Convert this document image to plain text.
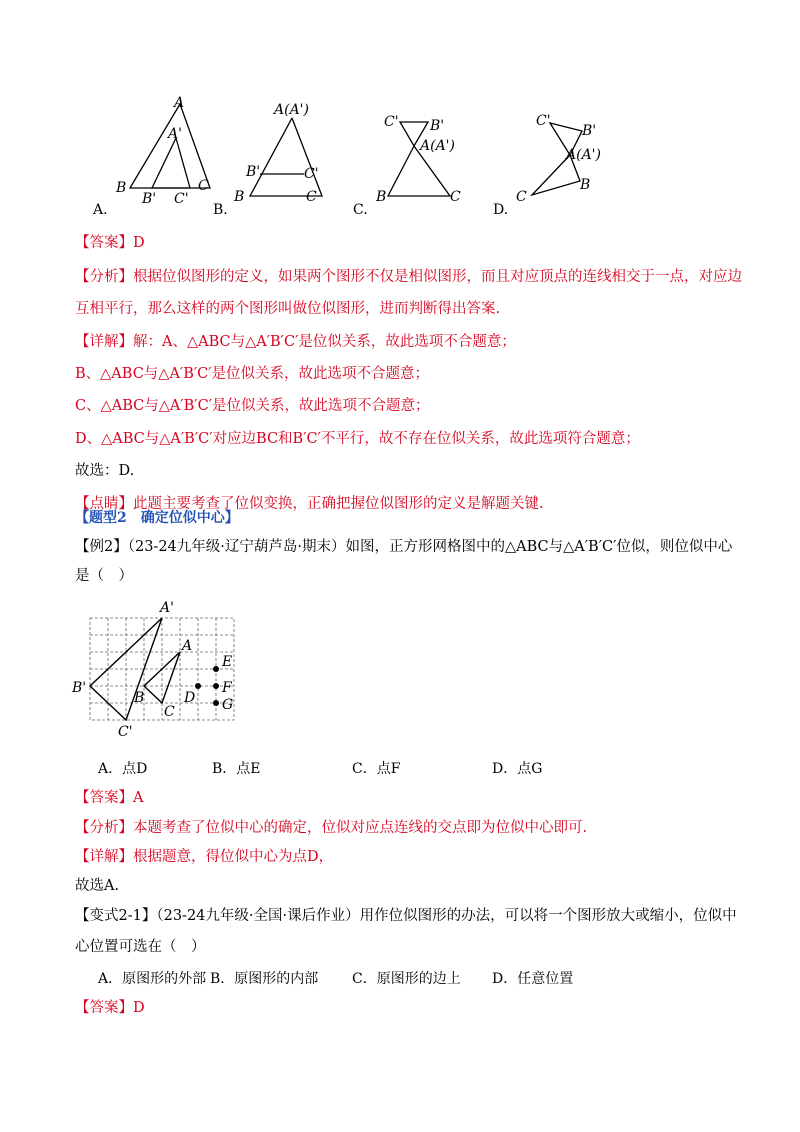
A
A'
B
B' C'
C
A.
A(A')
B'	C'
B	C
B.
C' B'
A(A')
B	C
C.
C'
B'
A(A')
C
B
D.
【答案】D
【分析】根据位似图形的定义，如果两个图形不仅是相似图形，而且对应顶点的连线相交于一点，对应边
互相平行，那么这样的两个图形叫做位似图形，进而判断得出答案.
【详解】解：A、△ABC与△A′B′C′是位似关系，故此选项不合题意；
B、△ABC与△A′B′C′是位似关系，故此选项不合题意；
C、△ABC与△A′B′C′是位似关系，故此选项不合题意；
D、△ABC与△A′B′C′对应边BC和B′C′不平行，故不存在位似关系，故此选项符合题意；
故选：D.
【点睛】此题主要考查了位似变换，正确把握位似图形的定义是解题关键.
【题型2　确定位似中心】
【例2】（23-24九年级·辽宁葫芦岛·期末）如图，正方形网格图中的△ABC与△A′B′C′位似，则位似中心
是（　）
A'
A
B'
B
C
C'
D
E
F
G
A．点D	B．点E	C．点F	D．点G
【答案】A
【分析】本题考查了位似中心的确定，位似对应点连线的交点即为位似中心即可.
【详解】根据题意，得位似中心为点D，
故选A.
【变式2-1】（23-24九年级·全国·课后作业）用作位似图形的办法，可以将一个图形放大或缩小，位似中
心位置可选在（　）
A．原图形的外部 B．原图形的内部 C．原图形的边上 D．任意位置
【答案】D
